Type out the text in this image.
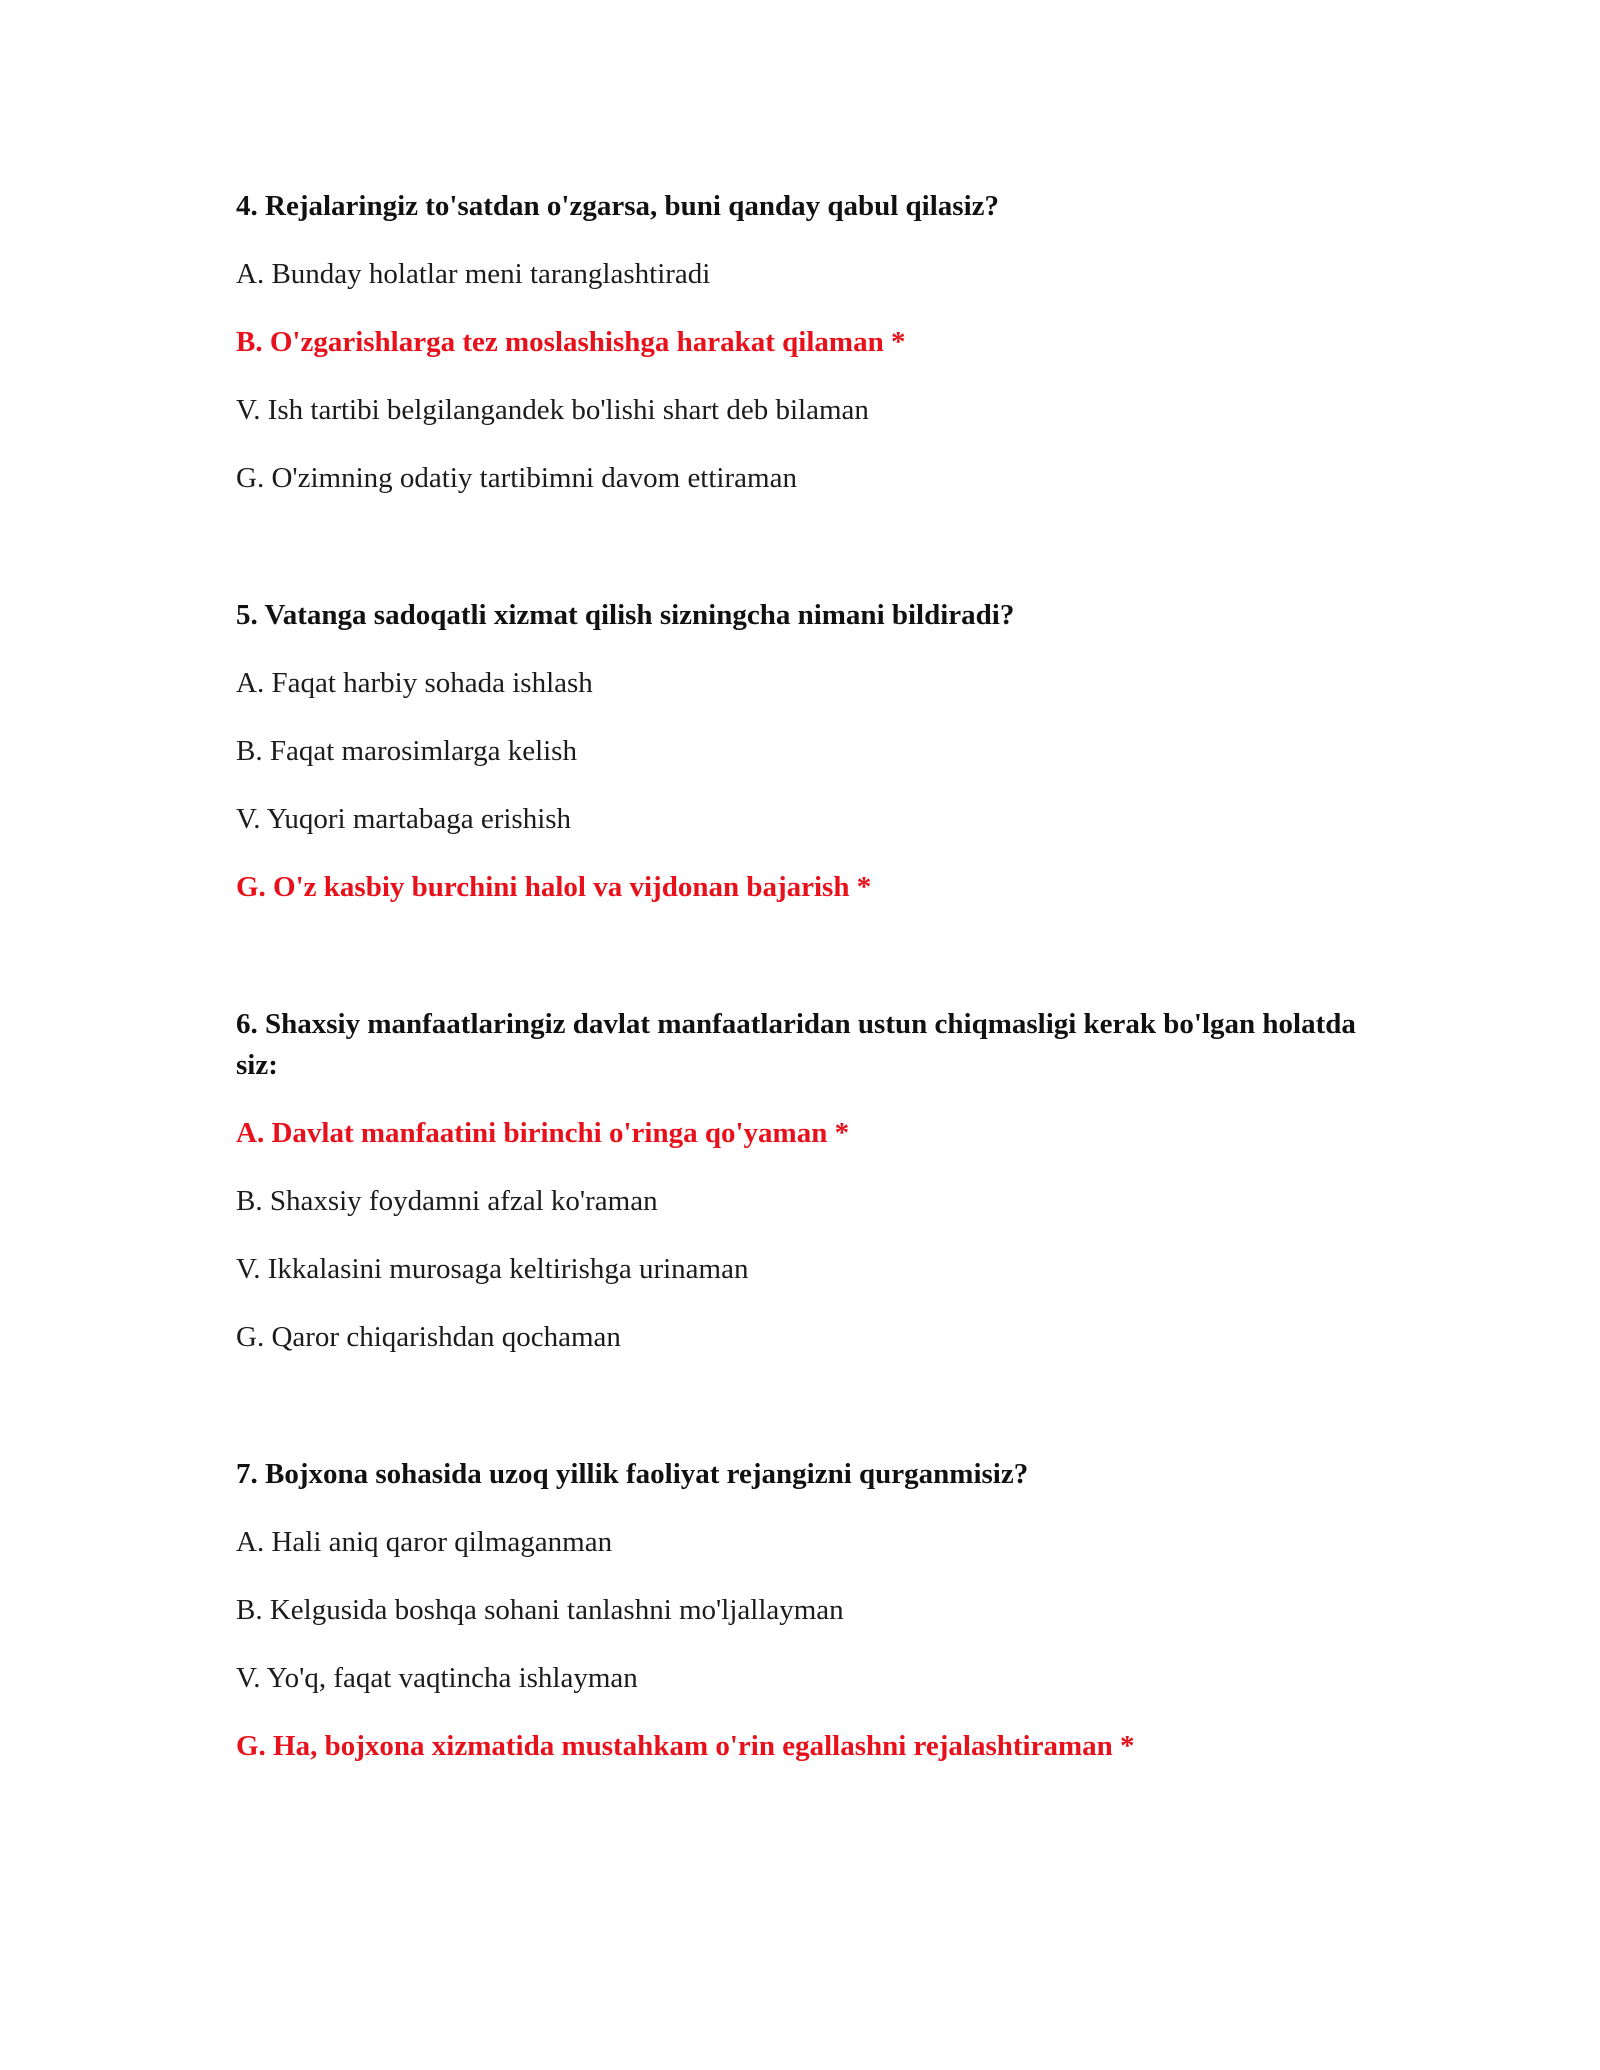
4. Rejalaringiz to'satdan o'zgarsa, buni qanday qabul qilasiz?

A. Bunday holatlar meni taranglashtiradi

B. O'zgarishlarga tez moslashishga harakat qilaman *

V. Ish tartibi belgilangandek bo'lishi shart deb bilaman

G. O'zimning odatiy tartibimni davom ettiraman

5. Vatanga sadoqatli xizmat qilish sizningcha nimani bildiradi?

A. Faqat harbiy sohada ishlash

B. Faqat marosimlarga kelish

V. Yuqori martabaga erishish

G. O'z kasbiy burchini halol va vijdonan bajarish *

6. Shaxsiy manfaatlaringiz davlat manfaatlaridan ustun chiqmasligi kerak bo'lgan holatda siz:

A. Davlat manfaatini birinchi o'ringa qo'yaman *

B. Shaxsiy foydamni afzal ko'raman

V. Ikkalasini murosaga keltirishga urinaman

G. Qaror chiqarishdan qochaman

7. Bojxona sohasida uzoq yillik faoliyat rejangizni qurganmisiz?

A. Hali aniq qaror qilmaganman

B. Kelgusida boshqa sohani tanlashni mo'ljallayman

V. Yo'q, faqat vaqtincha ishlayman

G. Ha, bojxona xizmatida mustahkam o'rin egallashni rejalashtiraman *
